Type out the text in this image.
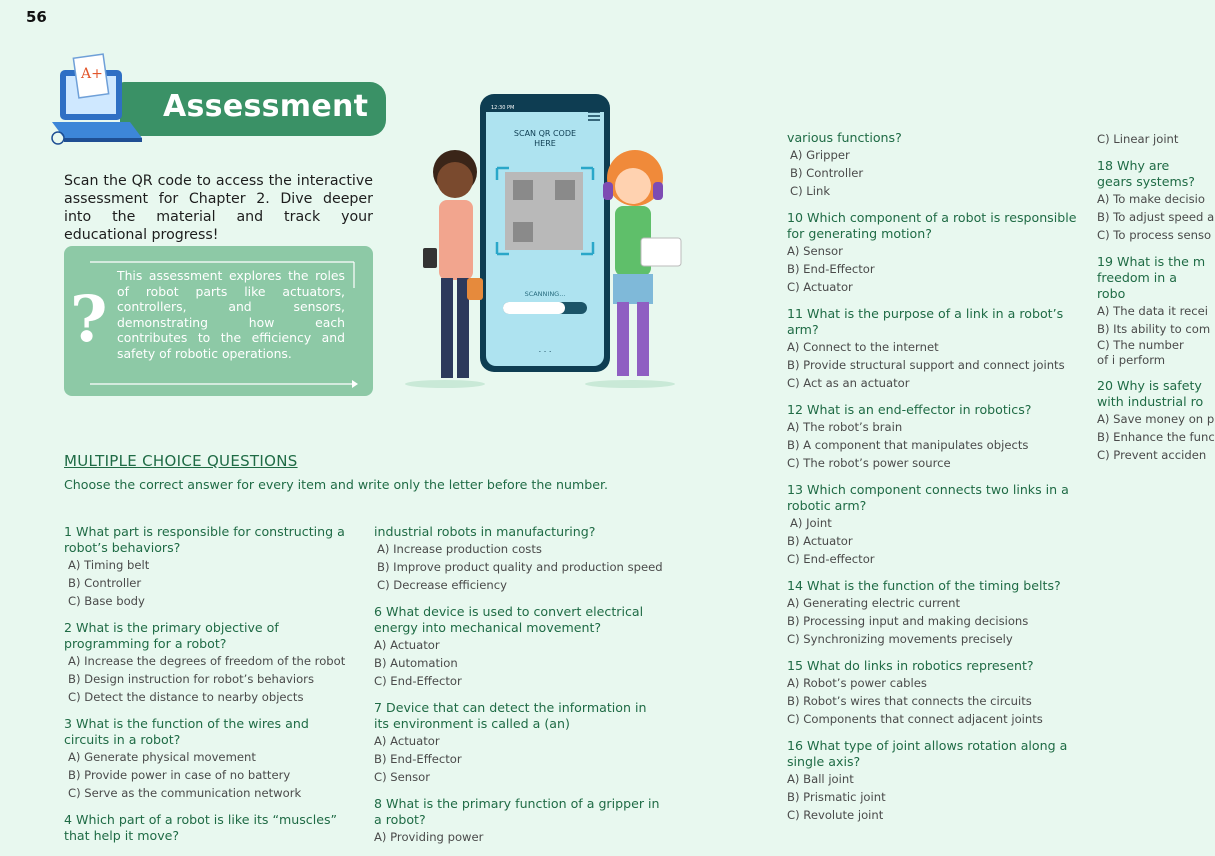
56
Assessment
A+
Scan the QR code to access the interactive assessment for Chapter 2. Dive deeper into the material and track your educational progress!
?
This assessment explores the roles of robot parts like actuators, controllers, and sensors, demonstrating how each contributes to the efficiency and safety of robotic operations.
12:30 PM
SCAN QR CODE
HERE
SCANNING...
. . .
MULTIPLE CHOICE QUESTIONS
Choose the correct answer for every item and write only the letter before the number.

1 What part is responsible for constructing a robot’s behaviors?

A) Timing belt

B) Controller

C) Base body

2 What is the primary objective of programming for a robot?

A) Increase the degrees of freedom of the robot

B) Design instruction for robot’s behaviors

C) Detect the distance to nearby objects

3 What is the function of the wires and circuits in a robot?

A) Generate physical movement

B) Provide power in case of no battery

C) Serve as the communication network

4 Which part of a robot is like its “muscles” that help it move?

industrial robots in manufacturing?

A) Increase production costs

B) Improve product quality and production speed

C) Decrease efficiency

6 What device is used to convert electrical energy into mechanical movement?

A) Actuator

B) Automation

C) End-Effector

7 Device that can detect the information in its environment is called a (an)

A) Actuator

B) End-Effector

C) Sensor

8 What is the primary function of a gripper in a robot?

A) Providing power

various functions?

A) Gripper

B) Controller

C) Link

10 Which component of a robot is responsible for generating motion?

A) Sensor

B) End-Effector

C) Actuator

11 What is the purpose of a link in a robot’s arm?

A) Connect to the internet

B) Provide structural support and connect joints

C) Act as an actuator

12 What is an end-effector in robotics?

A) The robot’s brain

B) A component that manipulates objects

C) The robot’s power source

13 Which component connects two links in a robotic arm?

A) Joint

B) Actuator

C) End-effector

14 What is the function of the timing belts?

A) Generating electric current

B) Processing input and making decisions

C) Synchronizing movements precisely

15 What do links in robotics represent?

A) Robot’s power cables

B) Robot’s wires that connects the circuits

C) Components that connect adjacent joints

16 What type of joint allows rotation along a single axis?

A) Ball joint

B) Prismatic joint

C) Revolute joint

C) Linear joint

18 Why are gears systems?

A) To make decisio

B) To adjust speed a

C) To process senso

19 What is the m freedom in a robo

A) The data it recei

B) Its ability to com

C) The number of i perform

20 Why is safety with industrial ro

A) Save money on p

B) Enhance the func

C) Prevent acciden
